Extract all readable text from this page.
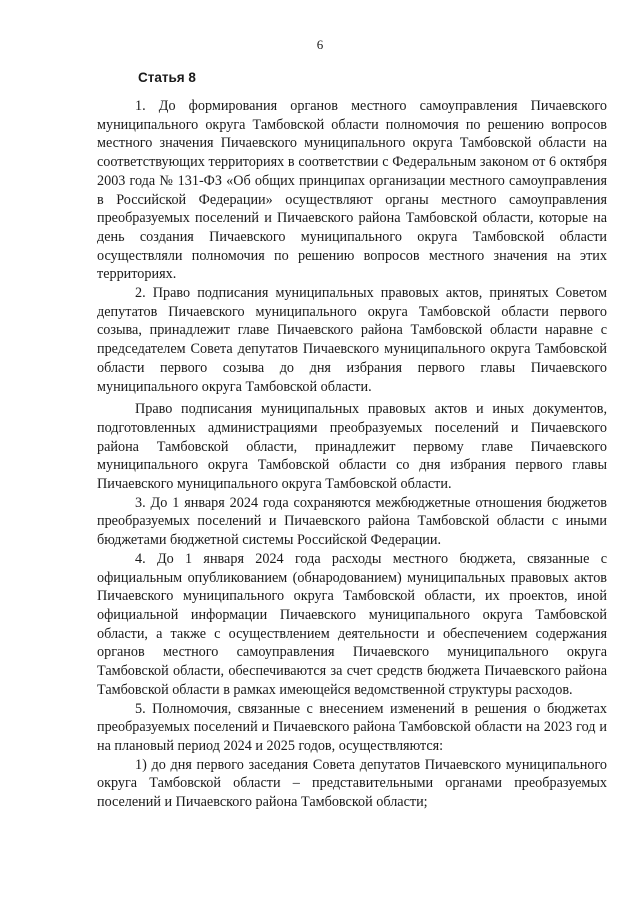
6
Статья 8

1. До формирования органов местного самоуправления Пичаевского муниципального округа Тамбовской области полномочия по решению вопросов местного значения Пичаевского муниципального округа Тамбовской области на соответствующих территориях в соответствии с Федеральным законом от 6 октября 2003 года № 131-ФЗ «Об общих принципах организации местного самоуправления в Российской Федерации» осуществляют органы местного самоуправления преобразуемых поселений и Пичаевского района Тамбовской области, которые на день создания Пичаевского муниципального округа Тамбовской области осуществляли полномочия по решению вопросов местного значения на этих территориях.

2. Право подписания муниципальных правовых актов, принятых Советом депутатов Пичаевского муниципального округа Тамбовской области первого созыва, принадлежит главе Пичаевского района Тамбовской области наравне с председателем Совета депутатов Пичаевского муниципального округа Тамбовской области первого созыва до дня избрания первого главы Пичаевского муниципального округа Тамбовской области.

Право подписания муниципальных правовых актов и иных документов, подготовленных администрациями преобразуемых поселений и Пичаевского района Тамбовской области, принадлежит первому главе Пичаевского муниципального округа Тамбовской области со дня избрания первого главы Пичаевского муниципального округа Тамбовской области.

3. До 1 января 2024 года сохраняются межбюджетные отношения бюджетов преобразуемых поселений и Пичаевского района Тамбовской области с иными бюджетами бюджетной системы Российской Федерации.

4. До 1 января 2024 года расходы местного бюджета, связанные с официальным опубликованием (обнародованием) муниципальных правовых актов Пичаевского муниципального округа Тамбовской области, их проектов, иной официальной информации Пичаевского муниципального округа Тамбовской области, а также с осуществлением деятельности и обеспечением содержания органов местного самоуправления Пичаевского муниципального округа Тамбовской области, обеспечиваются за счет средств бюджета Пичаевского района Тамбовской области в рамках имеющейся ведомственной структуры расходов.

5. Полномочия, связанные с внесением изменений в решения о бюджетах преобразуемых поселений и Пичаевского района Тамбовской области на 2023 год и на плановый период 2024 и 2025 годов, осуществляются:

1) до дня первого заседания Совета депутатов Пичаевского муниципального округа Тамбовской области – представительными органами преобразуемых поселений и Пичаевского района Тамбовской области;
